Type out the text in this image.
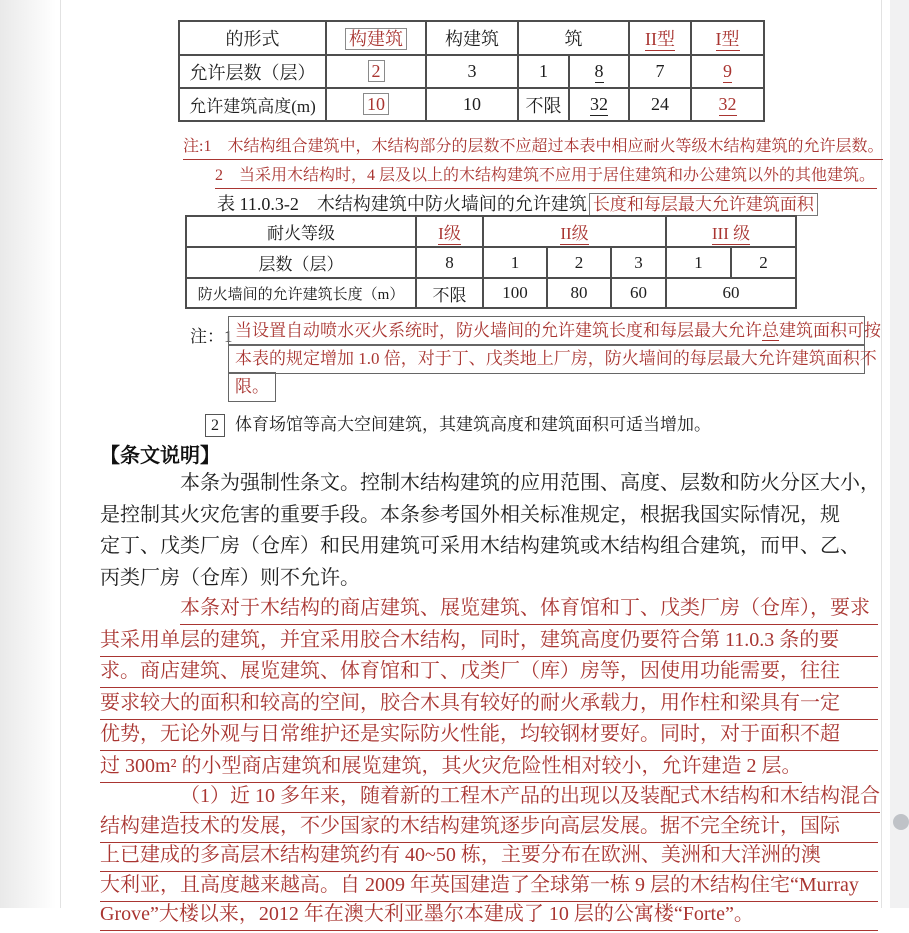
的形式	构建筑	构建筑	筑		II型	I型
允许层数（层）	2	3	1	8	7	9
允许建筑高度(m)	10	10	不限	32	24	32
注:1　木结构组合建筑中，木结构部分的层数不应超过本表中相应耐火等级木结构建筑的允许层数。
2　当采用木结构时，4 层及以上的木结构建筑不应用于居住建筑和办公建筑以外的其他建筑。
表 11.0.3-2　木结构建筑中防火墙间的允许建筑 长度和每层最大允许建筑面积
耐火等级	I级	II级			III 级	
层数（层）	8	1	2	3	1	2
防火墙间的允许建筑长度（m）	不限	100	80	60	60	
注：1 当设置自动喷水灭火系统时，防火墙间的允许建筑长度和每层最大允许总建筑面积可按
本表的规定增加 1.0 倍，对于丁、戊类地上厂房，防火墙间的每层最大允许建筑面积不
限。
2 体育场馆等高大空间建筑，其建筑高度和建筑面积可适当增加。
【条文说明】
本条为强制性条文。控制木结构建筑的应用范围、高度、层数和防火分区大小，
是控制其火灾危害的重要手段。本条参考国外相关标准规定，根据我国实际情况，规
定丁、戊类厂房（仓库）和民用建筑可采用木结构建筑或木结构组合建筑，而甲、乙、
丙类厂房（仓库）则不允许。
本条对于木结构的商店建筑、展览建筑、体育馆和丁、戊类厂房（仓库），要求
其采用单层的建筑，并宜采用胶合木结构，同时，建筑高度仍要符合第 11.0.3 条的要
求。商店建筑、展览建筑、体育馆和丁、戊类厂（库）房等，因使用功能需要，往往
要求较大的面积和较高的空间，胶合木具有较好的耐火承载力，用作柱和梁具有一定
优势，无论外观与日常维护还是实际防火性能，均较钢材要好。同时，对于面积不超
过 300m² 的小型商店建筑和展览建筑，其火灾危险性相对较小，允许建造 2 层。
（1）近 10 多年来，随着新的工程木产品的出现以及装配式木结构和木结构混合
结构建造技术的发展，不少国家的木结构建筑逐步向高层发展。据不完全统计，国际
上已建成的多高层木结构建筑约有 40~50 栋，主要分布在欧洲、美洲和大洋洲的澳
大利亚，且高度越来越高。自 2009 年英国建造了全球第一栋 9 层的木结构住宅“Murray
Grove”大楼以来，2012 年在澳大利亚墨尔本建成了 10 层的公寓楼“Forte”。
